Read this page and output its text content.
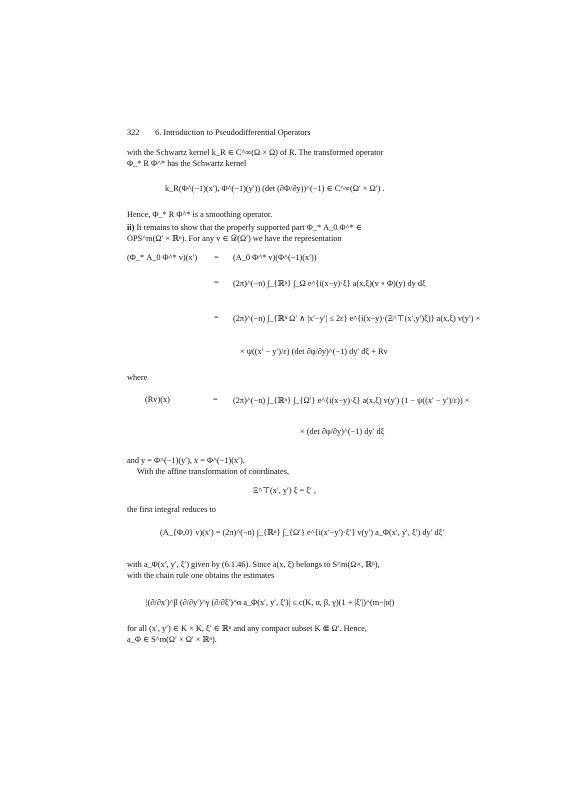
322 6. Introduction to Pseudodifferential Operators
with the Schwartz kernel k_R ∈ C^∞(Ω × Ω) of R. The transformed operator
Φ_* R Φ^* has the Schwartz kernel
k_R(Φ^(−1)(x′), Φ^(−1)(y′)) (det (∂Φ/∂y))^(−1) ∈ C^∞(Ω′ × Ω′) .
Hence, Φ_* R Φ^* is a smoothing operator.
ii) It remains to show that the properly supported part Φ_* A_0 Φ^* ∈
OPS^m(Ω′ × ℝⁿ). For any v ∈ 𝒟(Ω′) we have the representation
(Φ_* A_0 Φ^* v)(x′) = (A_0 Φ^* v)(Φ^(−1)(x′))
= (2π)^(−n) ∫_{ℝⁿ} ∫_Ω e^{i(x−y)·ξ} a(x,ξ)(v ∘ Φ)(y) dy dξ
= (2π)^(−n) ∫_{ℝⁿ Ω′ ∧ |x′−y′| ≤ 2ε} e^{i(x−y)·(Ξ^⊤(x′,y′)ξ)} a(x,ξ) v(y′) ×
× ψ((x′ − y′)/ε) (det ∂φ/∂y)^(−1) dy′ dξ + Rv
where
(Rv)(x)	= (2π)^(−n) ∫_{ℝⁿ} ∫_{Ω′} e^{i(x−y)·ξ} a(x,ξ) v(y′) (1 − ψ((x′ − y′)/ε)) ×
× (det ∂φ/∂y)^(−1) dy′ dξ
and y = Φ^(−1)(y′), x = Φ^(−1)(x′).
With the affine transformation of coordinates,
Ξ^⊤(x′, y′) ξ = ξ′ ,
the first integral reduces to
(A_{Φ,0} v)(x′) = (2π)^(−n) ∫_{ℝⁿ} ∫_{Ω′} e^{i(x′−y′)·ξ′} v(y′) a_Φ(x′, y′, ξ′) dy′ dξ′
with a_Φ(x′, y′, ξ′) given by (6.1.46). Since a(x, ξ) belongs to S^m(Ω×, ℝⁿ),
with the chain rule one obtains the estimates
|(∂/∂x′)^β (∂/∂y′)^γ (∂/∂ξ′)^α a_Φ(x′, y′, ξ′)| ≤ c(K, α, β, γ)(1 + |ξ′|)^(m−|α|)
for all (x′, y′) ∈ K × K, ξ′ ∈ ℝⁿ and any compact subset K ⋐ Ω′. Hence,
a_Φ ∈ S^m(Ω′ × Ω′ × ℝⁿ).
